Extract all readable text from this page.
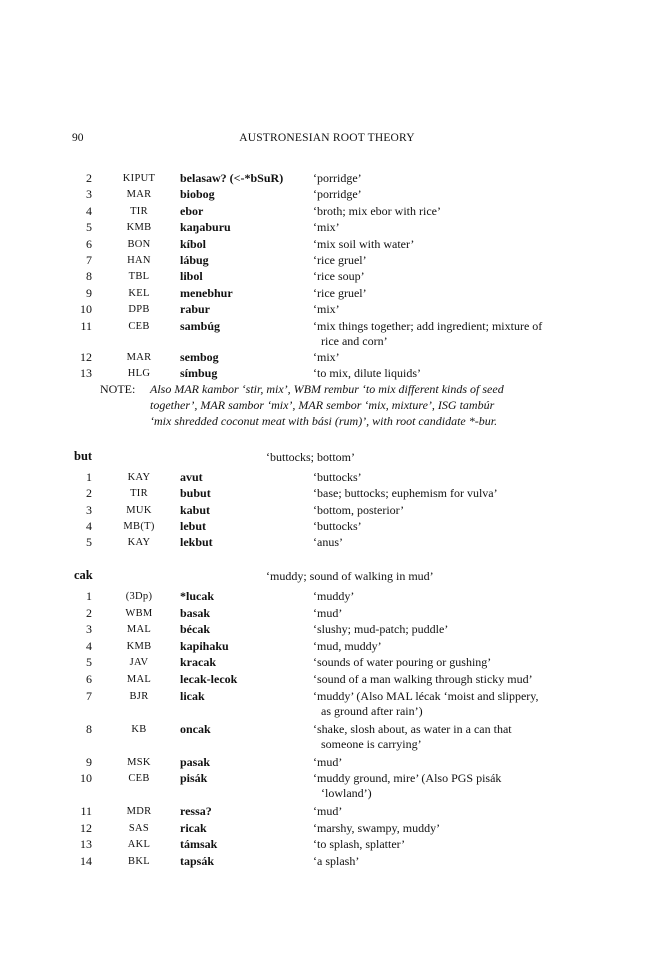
90	AUSTRONESIAN ROOT THEORY
2	KIPUT	belasaw? (<-*bSuR) ‘porridge’
3	MAR	biobog	‘porridge’
4	TIR	ebor	‘broth; mix ebor with rice’
5	KMB	kaŋaburu	‘mix’
6	BON	kíbol	‘mix soil with water’
7	HAN	lábug	‘rice gruel’
8	TBL	libol	‘rice soup’
9	KEL	menebhur	‘rice gruel’
10	DPB	rabur	‘mix’
11	CEB	sambúg	‘mix things together; add ingredient; mixture of
rice and corn’
12	MAR	sembog	‘mix’
13	HLG	símbug	‘to mix, dilute liquids’
NOTE: Also MAR kambor ‘stir, mix’, WBM rembur ‘to mix different kinds of seed
together’, MAR sambor ‘mix’, MAR sembor ‘mix, mixture’, ISG tambúr
‘mix shredded coconut meat with bási (rum)’, with root candidate *-bur.
but	‘buttocks; bottom’
1	KAY	avut	‘buttocks’
2	TIR	bubut	‘base; buttocks; euphemism for vulva’
3	MUK	kabut	‘bottom, posterior’
4	MB(T)	lebut	‘buttocks’
5	KAY	lekbut	‘anus’
cak	‘muddy; sound of walking in mud’
1	(3Dp)	*lucak	‘muddy’
2	WBM	basak	‘mud’
3	MAL	bécak	‘slushy; mud-patch; puddle’
4	KMB	kapihaku	‘mud, muddy’
5	JAV	kracak	‘sounds of water pouring or gushing’
6	MAL	lecak-lecok	‘sound of a man walking through sticky mud’
7	BJR	licak	‘muddy’ (Also MAL lécak ‘moist and slippery,
as ground after rain’)
8	KB	oncak	‘shake, slosh about, as water in a can that
someone is carrying’
9	MSK	pasak	‘mud’
10	CEB	pisák	‘muddy ground, mire’ (Also PGS pisák
‘lowland’)
11	MDR	ressa?	‘mud’
12	SAS	ricak	‘marshy, swampy, muddy’
13	AKL	támsak	‘to splash, splatter’
14	BKL	tapsák	‘a splash’
